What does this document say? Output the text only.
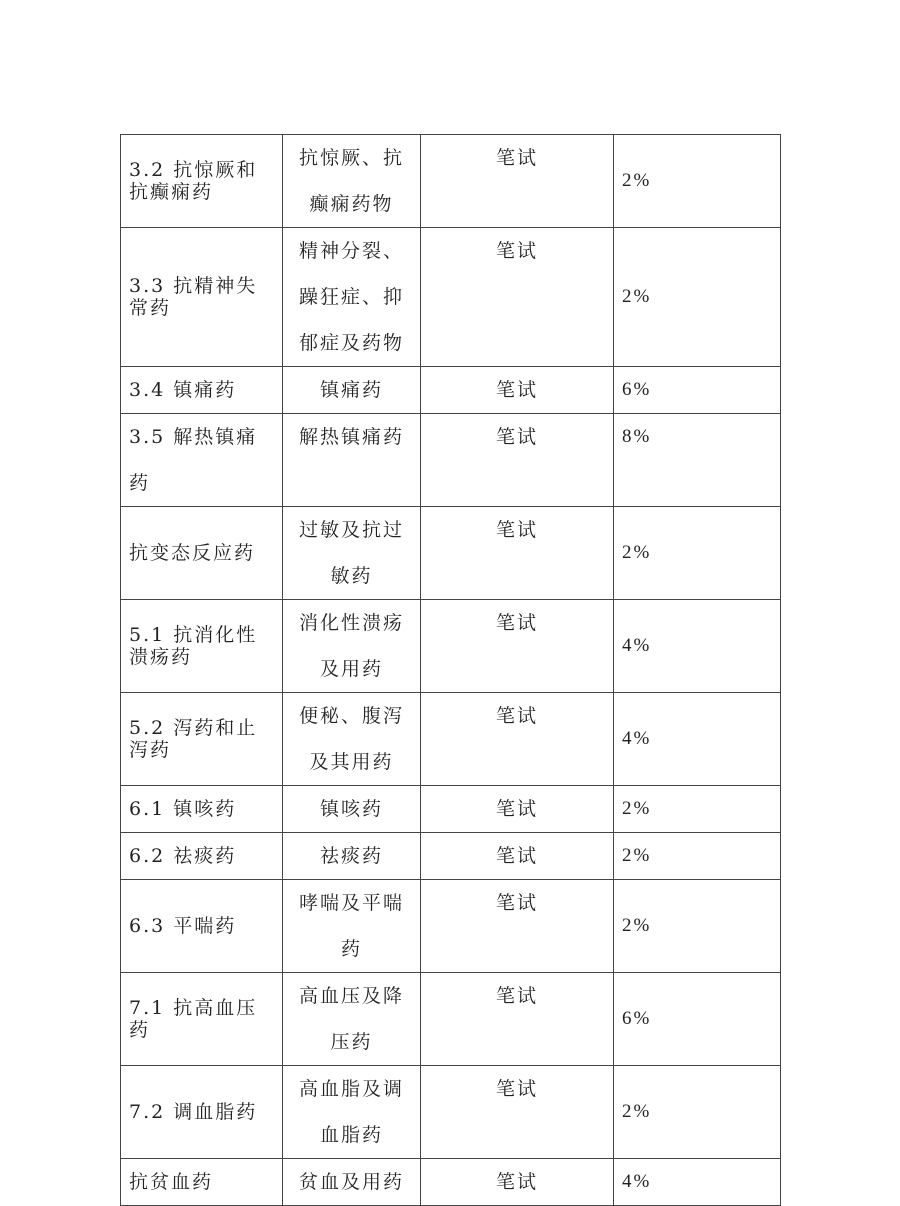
3.2 抗惊厥和抗癫痫药	抗惊厥、抗癫痫药物	笔试	2%
3.3 抗精神失常药	精神分裂、躁狂症、抑郁症及药物	笔试	2%
3.4 镇痛药	镇痛药	笔试	6%
3.5 解热镇痛药	解热镇痛药	笔试	8%
抗变态反应药	过敏及抗过敏药	笔试	2%
5.1 抗消化性溃疡药	消化性溃疡及用药	笔试	4%
5.2 泻药和止泻药	便秘、腹泻及其用药	笔试	4%
6.1 镇咳药	镇咳药	笔试	2%
6.2 祛痰药	祛痰药	笔试	2%
6.3 平喘药	哮喘及平喘药	笔试	2%
7.1 抗高血压药	高血压及降压药	笔试	6%
7.2 调血脂药	高血脂及调血脂药	笔试	2%
抗贫血药	贫血及用药	笔试	4%
